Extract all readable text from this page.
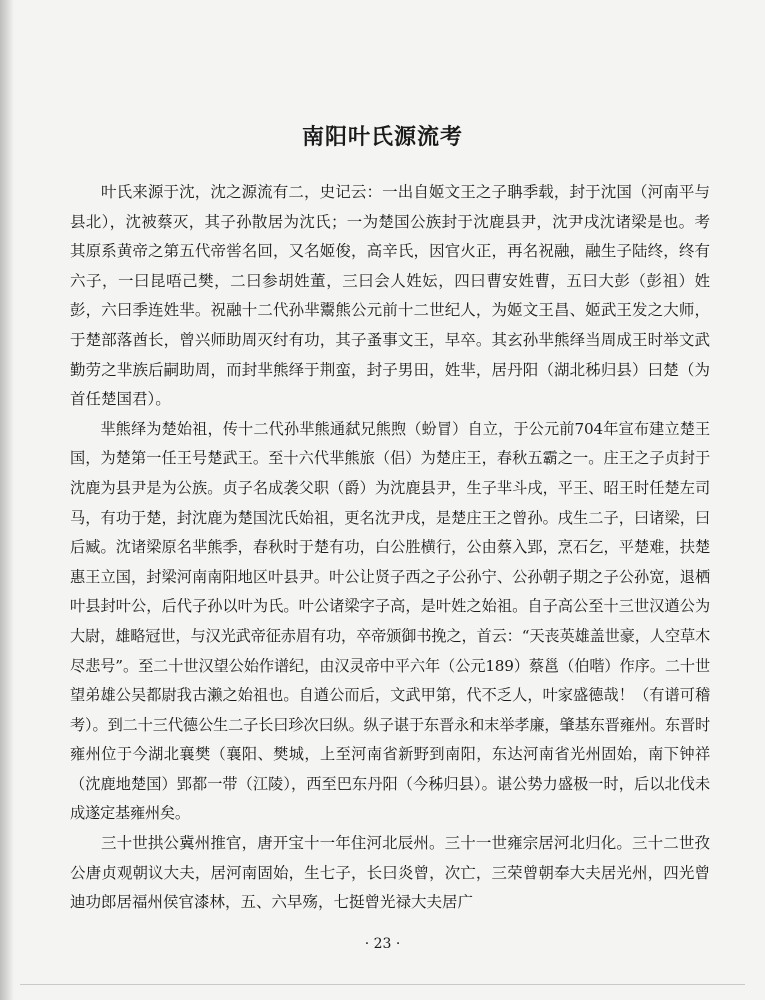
南阳叶氏源流考

叶氏来源于沈，沈之源流有二，史记云：一出自姬文王之子聃季载，封于沈国（河南平与县北），沈被蔡灭，其子孙散居为沈氏；一为楚国公族封于沈鹿县尹，沈尹戌沈诸梁是也。考其原系黄帝之第五代帝喾名回，又名姬俊，高辛氏，因官火正，再名祝融，融生子陆终，终有六子，一曰昆唔己樊，二曰参胡姓董，三曰会人姓妘，四曰曹安姓曹，五曰大彭（彭祖）姓彭，六曰季连姓芈。祝融十二代孙芈鬻熊公元前十二世纪人，为姬文王昌、姬武王发之大师，于楚部落酋长，曾兴师助周灭纣有功，其子蚤事文王，早卒。其玄孙芈熊绎当周成王时举文武勤劳之芈族后嗣助周，而封芈熊绎于荆蛮，封子男田，姓芈，居丹阳（湖北秭归县）曰楚（为首任楚国君）。

芈熊绎为楚始祖，传十二代孙芈熊通弑兄熊煦（蚡冒）自立，于公元前704年宣布建立楚王国，为楚第一任王号楚武王。至十六代芈熊旅（侣）为楚庄王，春秋五霸之一。庄王之子贞封于沈鹿为县尹是为公族。贞子名成袭父职（爵）为沈鹿县尹，生子芈斗戌，平王、昭王时任楚左司马，有功于楚，封沈鹿为楚国沈氏始祖，更名沈尹戌，是楚庄王之曾孙。戌生二子，曰诸梁，曰后臧。沈诸梁原名芈熊季，春秋时于楚有功，白公胜横行，公由蔡入郢，烹石乞，平楚难，扶楚惠王立国，封梁河南南阳地区叶县尹。叶公让贤子西之子公孙宁、公孙朝子期之子公孙宽，退栖叶县封叶公，后代子孙以叶为氏。叶公诸梁字子高，是叶姓之始祖。自子高公至十三世汉遒公为大尉，雄略冠世，与汉光武帝征赤眉有功，卒帝颁御书挽之，首云：“天丧英雄盖世豪，人空草木尽悲号”。至二十世汉望公始作谱纪，由汉灵帝中平六年（公元189）蔡邕（伯喈）作序。二十世望弟雄公吴都尉我古濑之始祖也。自遒公而后，文武甲第，代不乏人，叶家盛德哉！（有谱可稽考）。到二十三代德公生二子长曰珍次曰纵。纵子谌于东晋永和末举孝廉，肇基东晋雍州。东晋时雍州位于今湖北襄樊（襄阳、樊城，上至河南省新野到南阳，东达河南省光州固始，南下钟祥（沈鹿地楚国）郢都一带（江陵），西至巴东丹阳（今秭归县）。谌公势力盛极一时，后以北伐未成遂定基雍州矣。

三十世拱公冀州推官，唐开宝十一年住河北辰州。三十一世雍宗居河北归化。三十二世孜公唐贞观朝议大夫，居河南固始，生七子，长曰炎曾，次亡，三荣曾朝奉大夫居光州，四光曾迪功郎居福州侯官漆林，五、六早殇，七挺曾光禄大夫居广

· 23 ·
